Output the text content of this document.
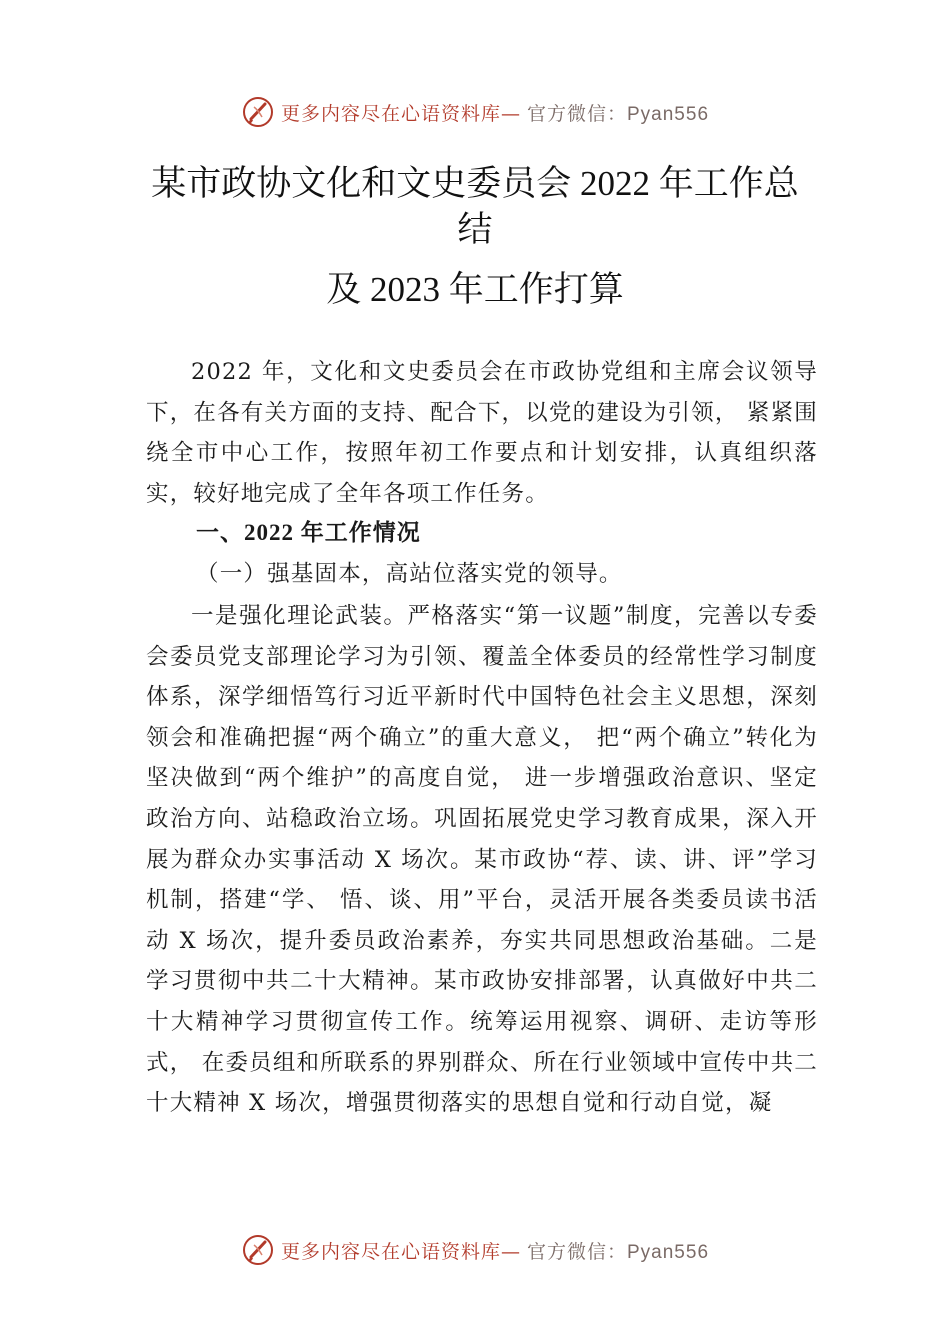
更多内容尽在心语资料库— 官方微信：Pyan556
某市政协文化和文史委员会 2022 年工作总
结
及 2023 年工作打算

2022 年，文化和文史委员会在市政协党组和主席会议领导下，在各有关方面的支持、配合下，以党的建设为引领， 紧紧围绕全市中心工作，按照年初工作要点和计划安排，认真组织落实，较好地完成了全年各项工作任务。

一、2022 年工作情况
（一）强基固本，高站位落实党的领导。

一是强化理论武装。严格落实“第一议题”制度，完善以专委会委员党支部理论学习为引领、覆盖全体委员的经常性学习制度体系，深学细悟笃行习近平新时代中国特色社会主义思想，深刻领会和准确把握“两个确立”的重大意义， 把“两个确立”转化为坚决做到“两个维护”的高度自觉， 进一步增强政治意识、坚定政治方向、站稳政治立场。巩固拓展党史学习教育成果，深入开展为群众办实事活动 X 场次。某市政协“荐、读、讲、评”学习机制，搭建“学、 悟、谈、用”平台，灵活开展各类委员读书活动 X 场次，提升委员政治素养，夯实共同思想政治基础。二是学习贯彻中共二十大精神。某市政协安排部署，认真做好中共二十大精神学习贯彻宣传工作。统筹运用视察、调研、走访等形式， 在委员组和所联系的界别群众、所在行业领域中宣传中共二十大精神 X 场次，增强贯彻落实的思想自觉和行动自觉，凝

更多内容尽在心语资料库— 官方微信：Pyan556
